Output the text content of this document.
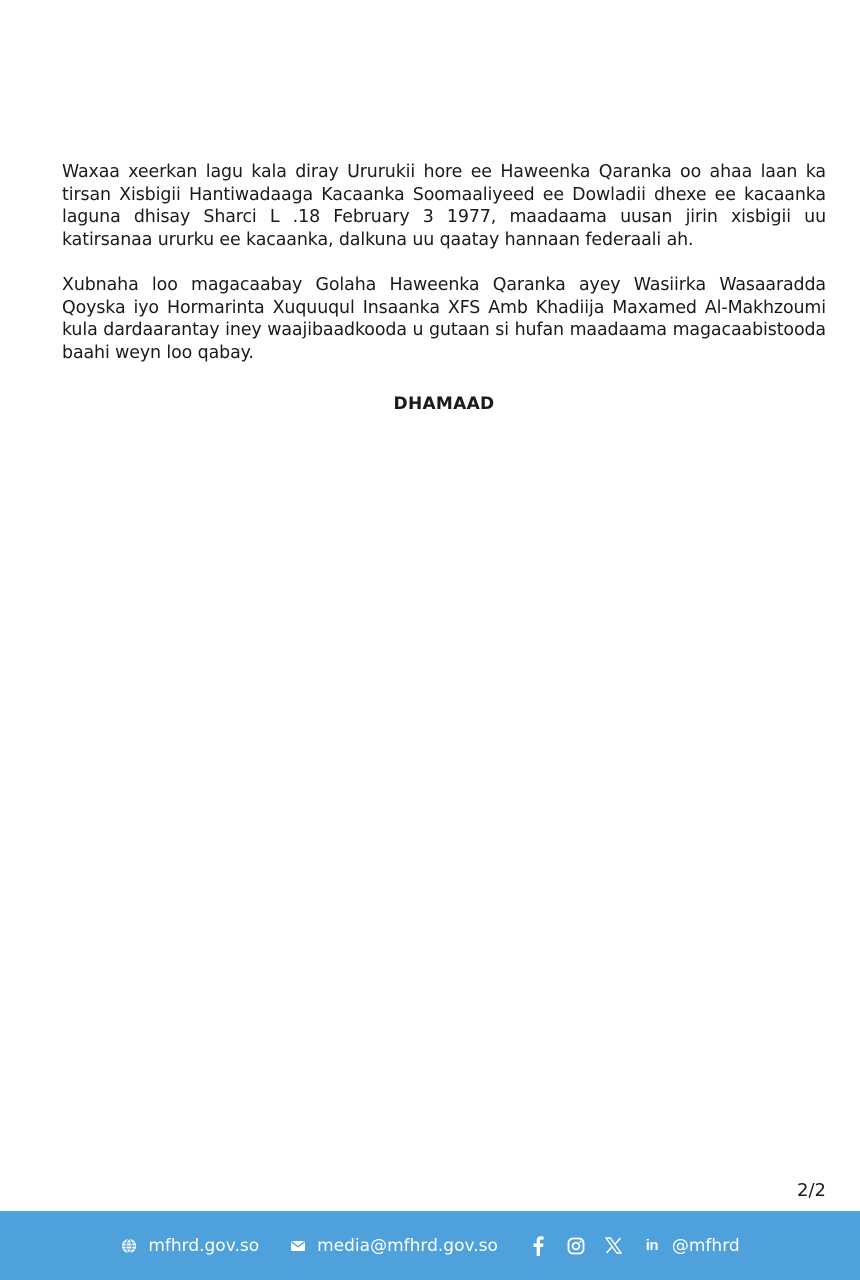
Waxaa xeerkan lagu kala diray Ururukii hore ee Haweenka Qaranka oo ahaa laan ka tirsan Xisbigii Hantiwadaaga Kacaanka Soomaaliyeed ee Dowladii dhexe ee kacaanka laguna dhisay Sharci L .18 February 3 1977, maadaama uusan jirin xisbigii uu katirsanaa ururku ee kacaanka, dalkuna uu qaatay hannaan federaali ah.

Xubnaha loo magacaabay Golaha Haweenka Qaranka ayey Wasiirka Wasaaradda Qoyska iyo Hormarinta Xuquuqul Insaanka XFS Amb Khadiija Maxamed Al-Makhzoumi kula dardaarantay iney waajibaadkooda u gutaan si hufan maadaama magacaabistooda baahi weyn loo qabay.

DHAMAAD

2/2
mfhrd.gov.so	media@mfhrd.gov.so	in @mfhrd
